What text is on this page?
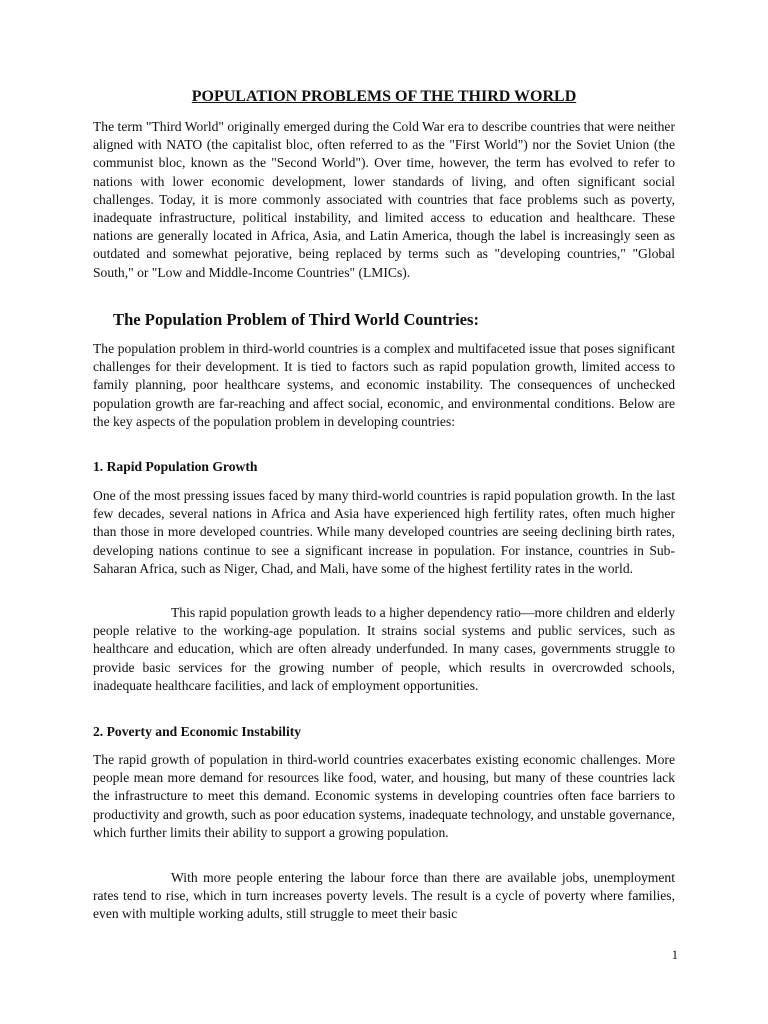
POPULATION PROBLEMS OF THE THIRD WORLD

The term "Third World" originally emerged during the Cold War era to describe countries that were neither aligned with NATO (the capitalist bloc, often referred to as the "First World") nor the Soviet Union (the communist bloc, known as the "Second World"). Over time, however, the term has evolved to refer to nations with lower economic development, lower standards of living, and often significant social challenges. Today, it is more commonly associated with countries that face problems such as poverty, inadequate infrastructure, political instability, and limited access to education and healthcare. These nations are generally located in Africa, Asia, and Latin America, though the label is increasingly seen as outdated and somewhat pejorative, being replaced by terms such as "developing countries," "Global South," or "Low and Middle-Income Countries" (LMICs).

The Population Problem of Third World Countries:

The population problem in third-world countries is a complex and multifaceted issue that poses significant challenges for their development. It is tied to factors such as rapid population growth, limited access to family planning, poor healthcare systems, and economic instability. The consequences of unchecked population growth are far-reaching and affect social, economic, and environmental conditions. Below are the key aspects of the population problem in developing countries:

1. Rapid Population Growth

One of the most pressing issues faced by many third-world countries is rapid population growth. In the last few decades, several nations in Africa and Asia have experienced high fertility rates, often much higher than those in more developed countries. While many developed countries are seeing declining birth rates, developing nations continue to see a significant increase in population. For instance, countries in Sub-Saharan Africa, such as Niger, Chad, and Mali, have some of the highest fertility rates in the world.

This rapid population growth leads to a higher dependency ratio—more children and elderly people relative to the working-age population. It strains social systems and public services, such as healthcare and education, which are often already underfunded. In many cases, governments struggle to provide basic services for the growing number of people, which results in overcrowded schools, inadequate healthcare facilities, and lack of employment opportunities.

2. Poverty and Economic Instability

The rapid growth of population in third-world countries exacerbates existing economic challenges. More people mean more demand for resources like food, water, and housing, but many of these countries lack the infrastructure to meet this demand. Economic systems in developing countries often face barriers to productivity and growth, such as poor education systems, inadequate technology, and unstable governance, which further limits their ability to support a growing population.

With more people entering the labour force than there are available jobs, unemployment rates tend to rise, which in turn increases poverty levels. The result is a cycle of poverty where families, even with multiple working adults, still struggle to meet their basic

1
